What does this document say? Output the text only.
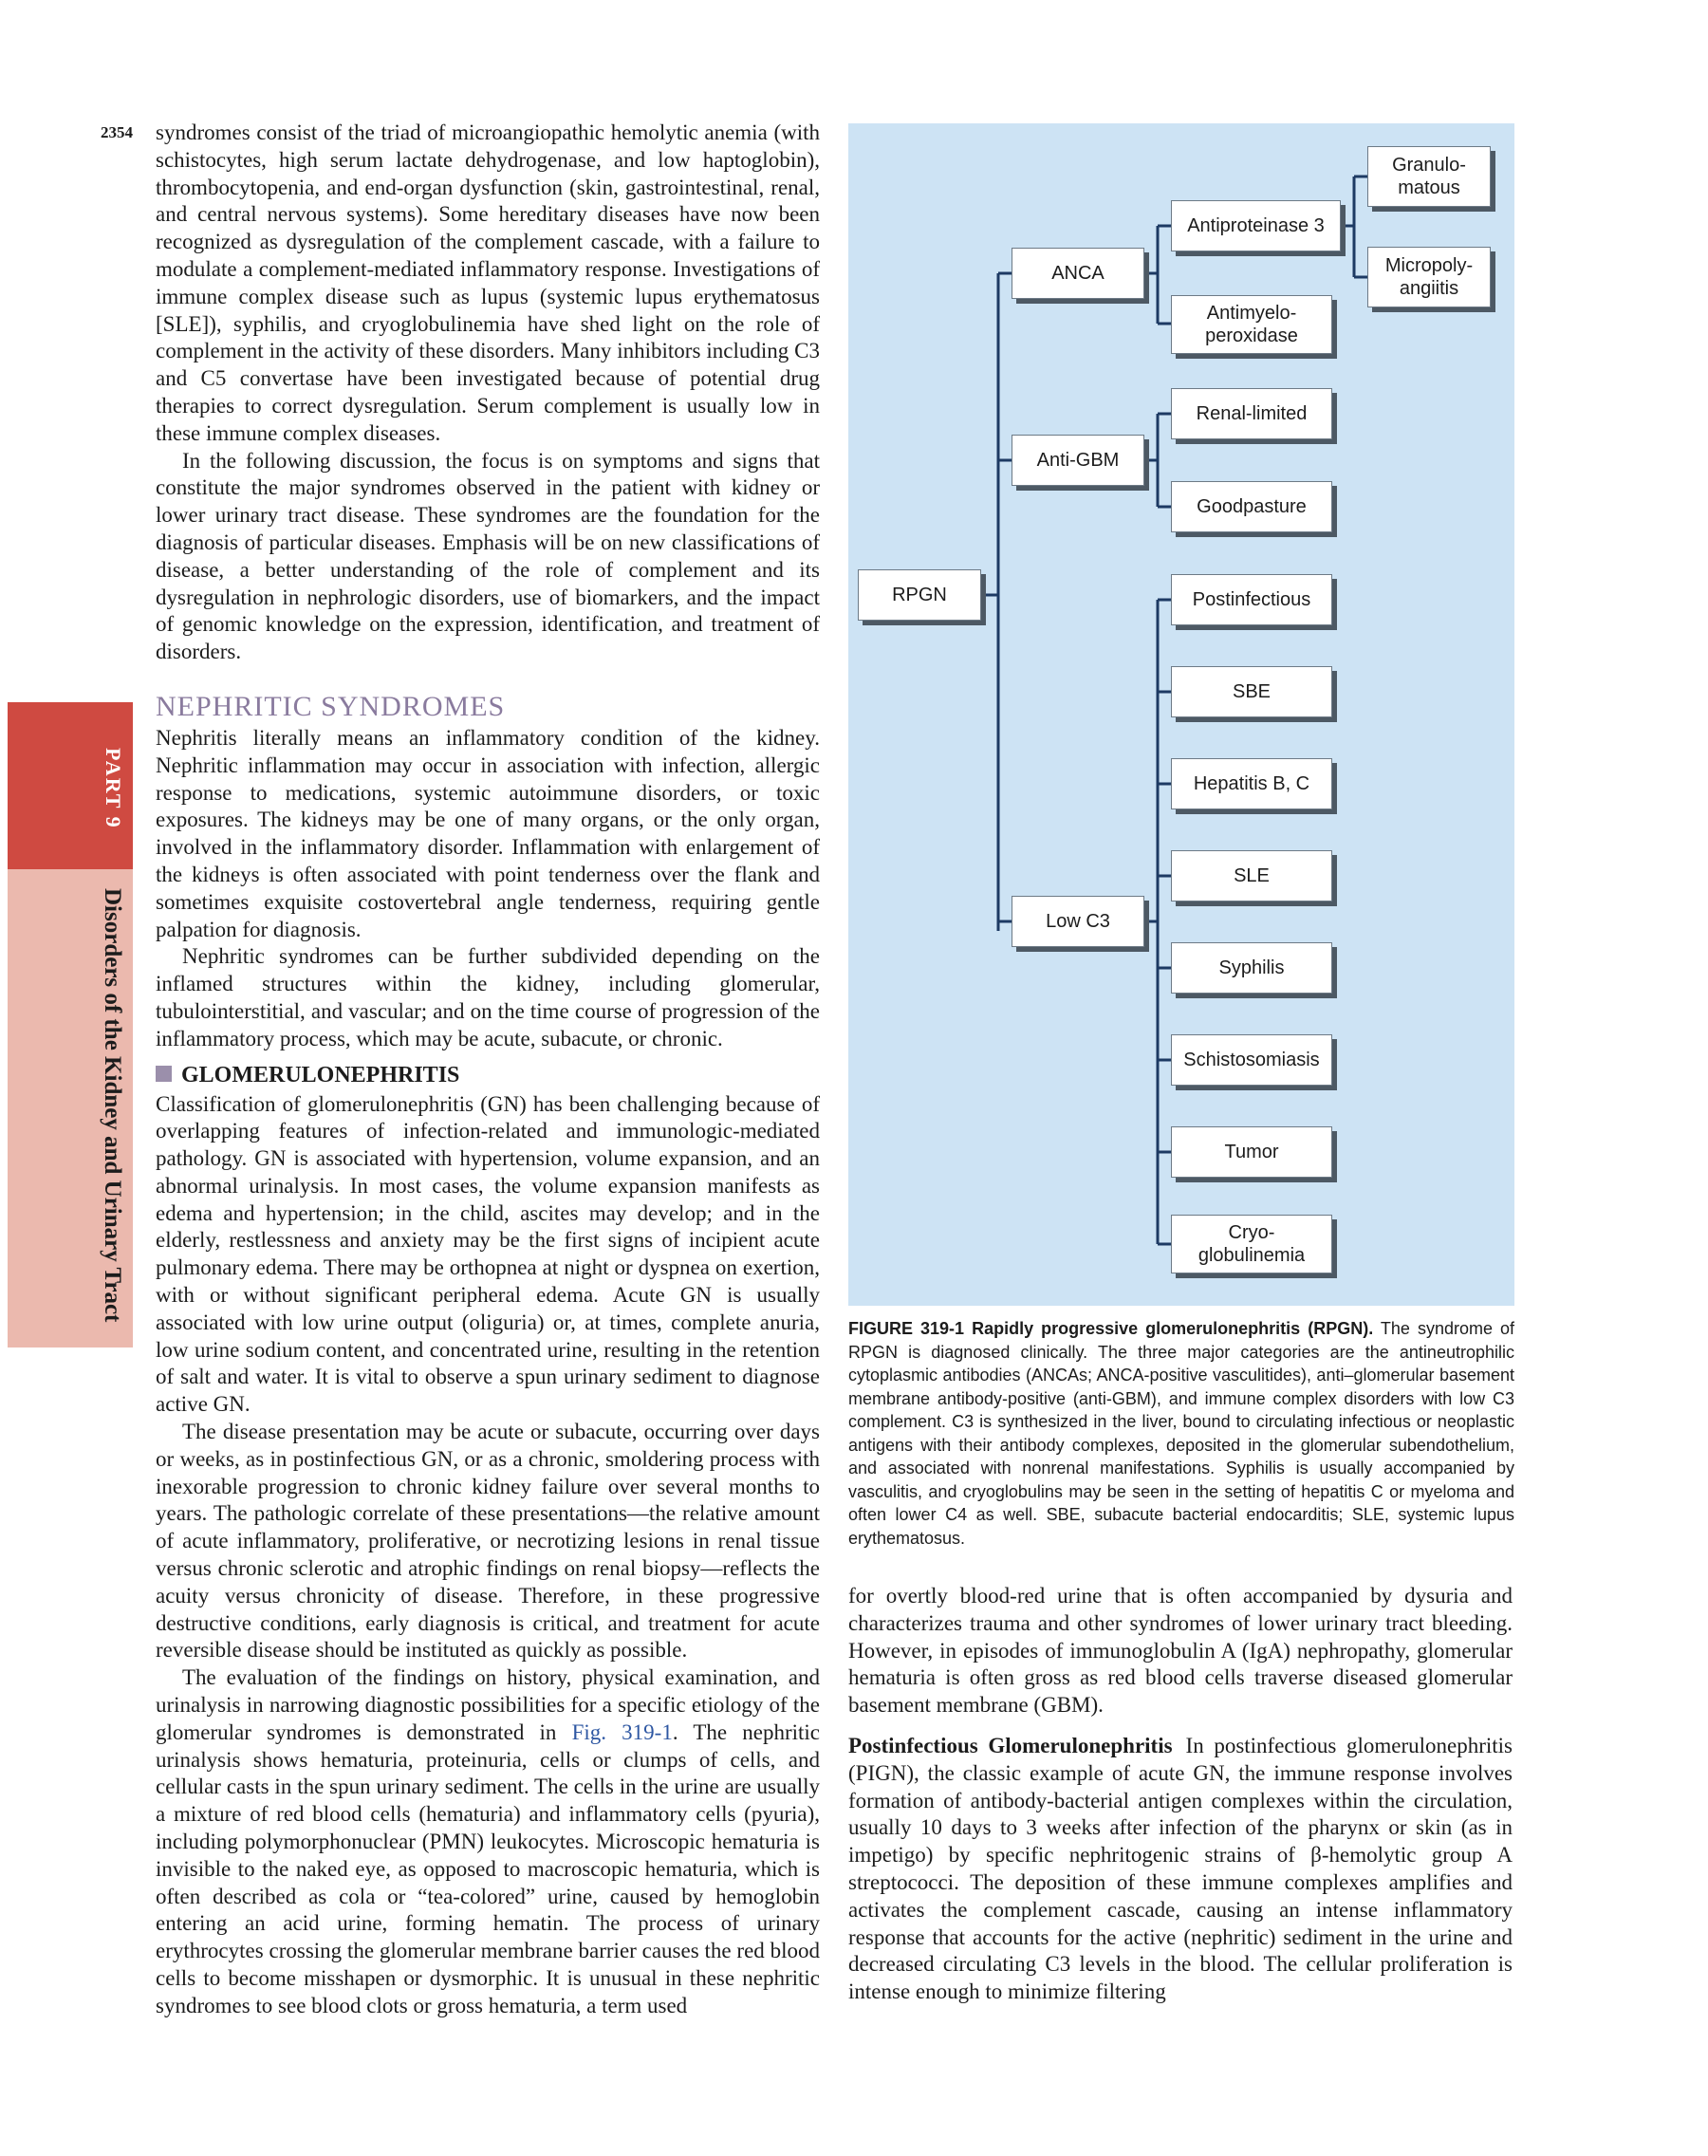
2354
PART 9
Disorders of the Kidney and Urinary Tract

syndromes consist of the triad of microangiopathic hemolytic anemia (with schistocytes, high serum lactate dehydrogenase, and low haptoglobin), thrombocytopenia, and end-organ dysfunction (skin, gastrointestinal, renal, and central nervous systems). Some hereditary diseases have now been recognized as dysregulation of the complement cascade, with a failure to modulate a complement-mediated inflammatory response. Investigations of immune complex disease such as lupus (systemic lupus erythematosus [SLE]), syphilis, and cryoglobulinemia have shed light on the role of complement in the activity of these disorders. Many inhibitors including C3 and C5 convertase have been investigated because of potential drug therapies to correct dysregulation. Serum complement is usually low in these immune complex diseases.

In the following discussion, the focus is on symptoms and signs that constitute the major syndromes observed in the patient with kidney or lower urinary tract disease. These syndromes are the foundation for the diagnosis of particular diseases. Emphasis will be on new classifications of disease, a better understanding of the role of complement and its dysregulation in nephrologic disorders, use of biomarkers, and the impact of genomic knowledge on the expression, identification, and treatment of disorders.

NEPHRITIC SYNDROMES

Nephritis literally means an inflammatory condition of the kidney. Nephritic inflammation may occur in association with infection, allergic response to medications, systemic autoimmune disorders, or toxic exposures. The kidneys may be one of many organs, or the only organ, involved in the inflammatory disorder. Inflammation with enlargement of the kidneys is often associated with point tenderness over the flank and sometimes exquisite costovertebral angle tenderness, requiring gentle palpation for diagnosis.

Nephritic syndromes can be further subdivided depending on the inflamed structures within the kidney, including glomerular, tubulointerstitial, and vascular; and on the time course of progression of the inflammatory process, which may be acute, subacute, or chronic.

GLOMERULONEPHRITIS

Classification of glomerulonephritis (GN) has been challenging because of overlapping features of infection-related and immunologic-mediated pathology. GN is associated with hypertension, volume expansion, and an abnormal urinalysis. In most cases, the volume expansion manifests as edema and hypertension; in the child, ascites may develop; and in the elderly, restlessness and anxiety may be the first signs of incipient acute pulmonary edema. There may be orthopnea at night or dyspnea on exertion, with or without significant peripheral edema. Acute GN is usually associated with low urine output (oliguria) or, at times, complete anuria, low urine sodium content, and concentrated urine, resulting in the retention of salt and water. It is vital to observe a spun urinary sediment to diagnose active GN.

The disease presentation may be acute or subacute, occurring over days or weeks, as in postinfectious GN, or as a chronic, smoldering process with inexorable progression to chronic kidney failure over several months to years. The pathologic correlate of these presentations—the relative amount of acute inflammatory, proliferative, or necrotizing lesions in renal tissue versus chronic sclerotic and atrophic findings on renal biopsy—reflects the acuity versus chronicity of disease. Therefore, in these progressive destructive conditions, early diagnosis is critical, and treatment for acute reversible disease should be instituted as quickly as possible.

The evaluation of the findings on history, physical examination, and urinalysis in narrowing diagnostic possibilities for a specific etiology of the glomerular syndromes is demonstrated in Fig. 319-1. The nephritic urinalysis shows hematuria, proteinuria, cells or clumps of cells, and cellular casts in the spun urinary sediment. The cells in the urine are usually a mixture of red blood cells (hematuria) and inflammatory cells (pyuria), including polymorphonuclear (PMN) leukocytes. Microscopic hematuria is invisible to the naked eye, as opposed to macroscopic hematuria, which is often described as cola or “tea-colored” urine, caused by hemoglobin entering an acid urine, forming hematin. The process of urinary erythrocytes crossing the glomerular membrane barrier causes the red blood cells to become misshapen or dysmorphic. It is unusual in these nephritic syndromes to see blood clots or gross hematuria, a term used

RPGN
ANCA
Anti-GBM
Low C3
Antiproteinase 3
Antimyelo-
peroxidase
Granulo-
matous
Micropoly-
angiitis
Renal-limited
Goodpasture
Postinfectious
SBE
Hepatitis B, C
SLE
Syphilis
Schistosomiasis
Tumor
Cryo-
globulinemia
FIGURE 319-1 Rapidly progressive glomerulonephritis (RPGN). The syndrome of RPGN is diagnosed clinically. The three major categories are the antineutrophilic cytoplasmic antibodies (ANCAs; ANCA-positive vasculitides), anti–glomerular basement membrane antibody-positive (anti-GBM), and immune complex disorders with low C3 complement. C3 is synthesized in the liver, bound to circulating infectious or neoplastic antigens with their antibody complexes, deposited in the glomerular subendothelium, and associated with nonrenal manifestations. Syphilis is usually accompanied by vasculitis, and cryoglobulins may be seen in the setting of hepatitis C or myeloma and often lower C4 as well. SBE, subacute bacterial endocarditis; SLE, systemic lupus erythematosus.

for overtly blood-red urine that is often accompanied by dysuria and characterizes trauma and other syndromes of lower urinary tract bleeding. However, in episodes of immunoglobulin A (IgA) nephropathy, glomerular hematuria is often gross as red blood cells traverse diseased glomerular basement membrane (GBM).

Postinfectious Glomerulonephritis In postinfectious glomerulonephritis (PIGN), the classic example of acute GN, the immune response involves formation of antibody-bacterial antigen complexes within the circulation, usually 10 days to 3 weeks after infection of the pharynx or skin (as in impetigo) by specific nephritogenic strains of β-hemolytic group A streptococci. The deposition of these immune complexes amplifies and activates the complement cascade, causing an intense inflammatory response that accounts for the active (nephritic) sediment in the urine and decreased circulating C3 levels in the blood. The cellular proliferation is intense enough to minimize filtering
